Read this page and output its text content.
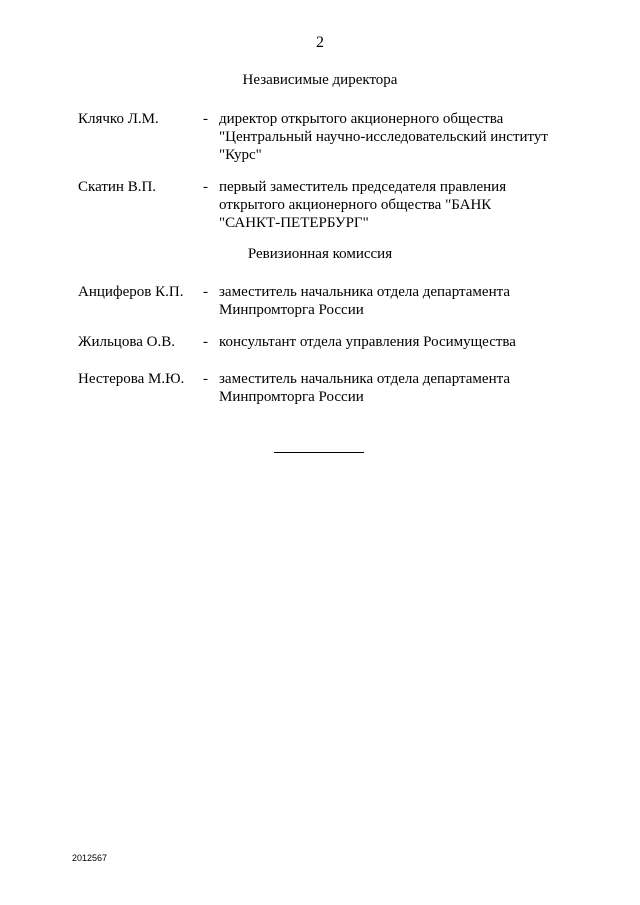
2
Независимые директора
Клячко Л.М.	- директор открытого акционерного общества
"Центральный научно-исследовательский институт
"Курс"
Скатин В.П.	- первый заместитель председателя правления
открытого акционерного общества "БАНК
"САНКТ-ПЕТЕРБУРГ"
Ревизионная комиссия
Анциферов К.П. - заместитель начальника отдела департамента
Минпромторга России
Жильцова О.В. - консультант отдела управления Росимущества
Нестерова М.Ю. - заместитель начальника отдела департамента
Минпромторга России
2012567
